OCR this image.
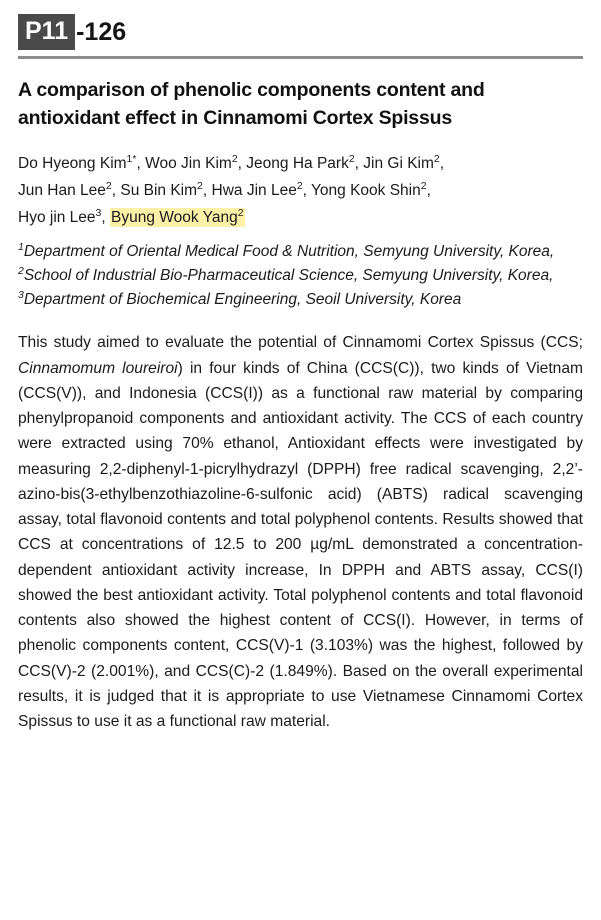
P11 -126
A comparison of phenolic components content and antioxidant effect in Cinnamomi Cortex Spissus
Do Hyeong Kim$^{1*}$, Woo Jin Kim$^2$, Jeong Ha Park$^2$, Jin Gi Kim$^2$,
Jun Han Lee$^2$, Su Bin Kim$^2$, Hwa Jin Lee$^2$, Yong Kook Shin$^2$,
Hyo jin Lee$^3$, Byung Wook Yang$^2$
$^1$Department of Oriental Medical Food & Nutrition, Semyung University, Korea, $^2$School of Industrial Bio-Pharmaceutical Science, Semyung University, Korea, $^3$Department of Biochemical Engineering, Seoil University, Korea
This study aimed to evaluate the potential of Cinnamomi Cortex Spissus (CCS; Cinnamomum loureiroi) in four kinds of China (CCS(C)), two kinds of Vietnam (CCS(V)), and Indonesia (CCS(I)) as a functional raw material by comparing phenylpropanoid components and antioxidant activity. The CCS of each country were extracted using 70% ethanol, Antioxidant effects were investigated by measuring 2,2-diphenyl-1-picrylhydrazyl (DPPH) free radical scavenging, 2,2’-azino-bis(3-ethylbenzothiazoline-6-sulfonic acid) (ABTS) radical scavenging assay, total flavonoid contents and total polyphenol contents. Results showed that CCS at concentrations of 12.5 to 200 µg/mL demonstrated a concentration-dependent antioxidant activity increase, In DPPH and ABTS assay, CCS(I) showed the best antioxidant activity. Total polyphenol contents and total flavonoid contents also showed the highest content of CCS(I). However, in terms of phenolic components content, CCS(V)-1 (3.103%) was the highest, followed by CCS(V)-2 (2.001%), and CCS(C)-2 (1.849%). Based on the overall experimental results, it is judged that it is appropriate to use Vietnamese Cinnamomi Cortex Spissus to use it as a functional raw material.
